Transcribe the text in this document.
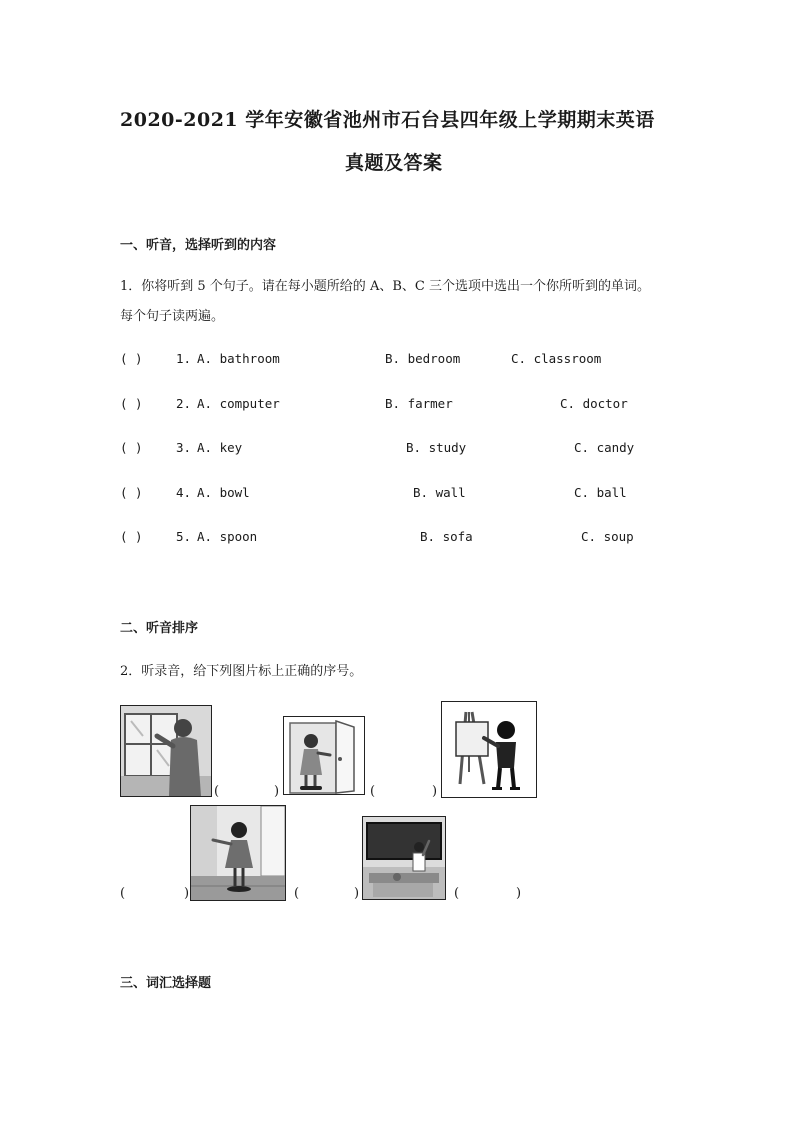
2020-2021 学年安徽省池州市石台县四年级上学期期末英语
真题及答案
一、听音，选择听到的内容
1．你将听到 5 个句子。请在每小题所给的 A、B、C 三个选项中选出一个你所听到的单词。
每个句子读两遍。
( )	1. A. bathroom	B. bedroom	C. classroom
( )	2. A. computer	B. farmer	C. doctor
( )	3. A. key	B. study	C. candy
( )	4. A. bowl	B. wall	C. ball
( )	5. A. spoon	B. sofa	C. soup
二、听音排序
2．听录音，给下列图片标上正确的序号。
(	)	(	)
(	)	(	)	(	)
三、词汇选择题
